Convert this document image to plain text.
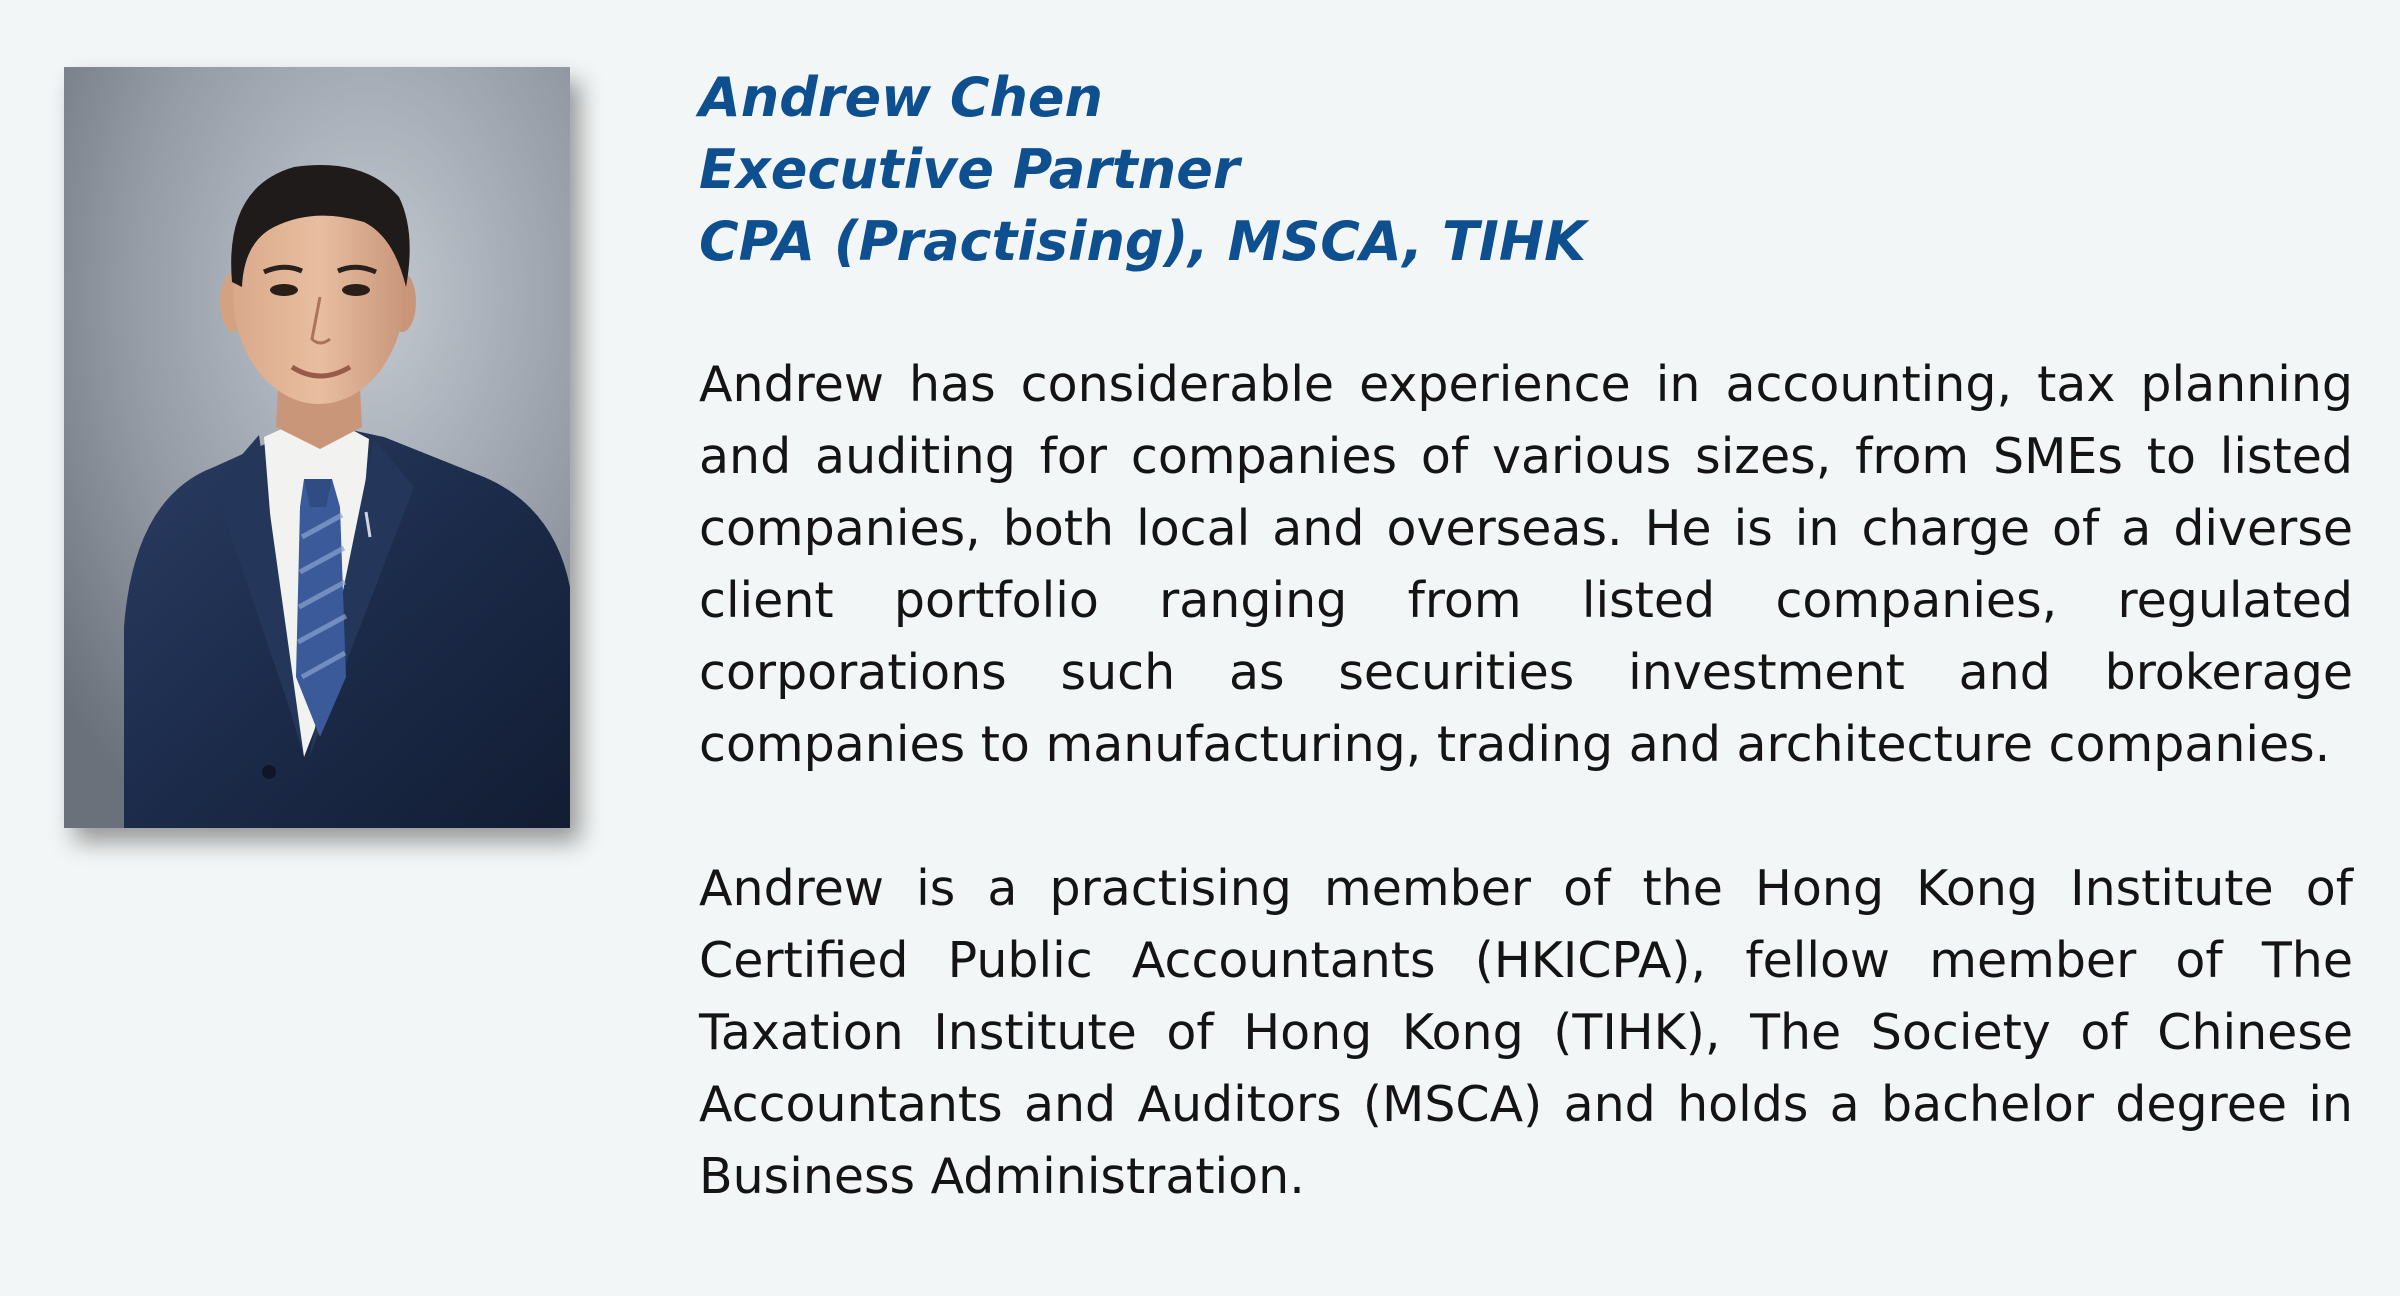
Andrew Chen
Executive Partner
CPA (Practising), MSCA, TIHK

Andrew has considerable experience in accounting, tax planning and auditing for companies of various sizes, from SMEs to listed companies, both local and overseas. He is in charge of a diverse client portfolio ranging from listed companies, regulated corporations such as securities investment and brokerage companies to manufacturing, trading and architecture companies.

Andrew is a practising member of the Hong Kong Institute of Certified Public Accountants (HKICPA), fellow member of The Taxation Institute of Hong Kong (TIHK), The Society of Chinese Accountants and Auditors (MSCA) and holds a bachelor degree in Business Administration.
